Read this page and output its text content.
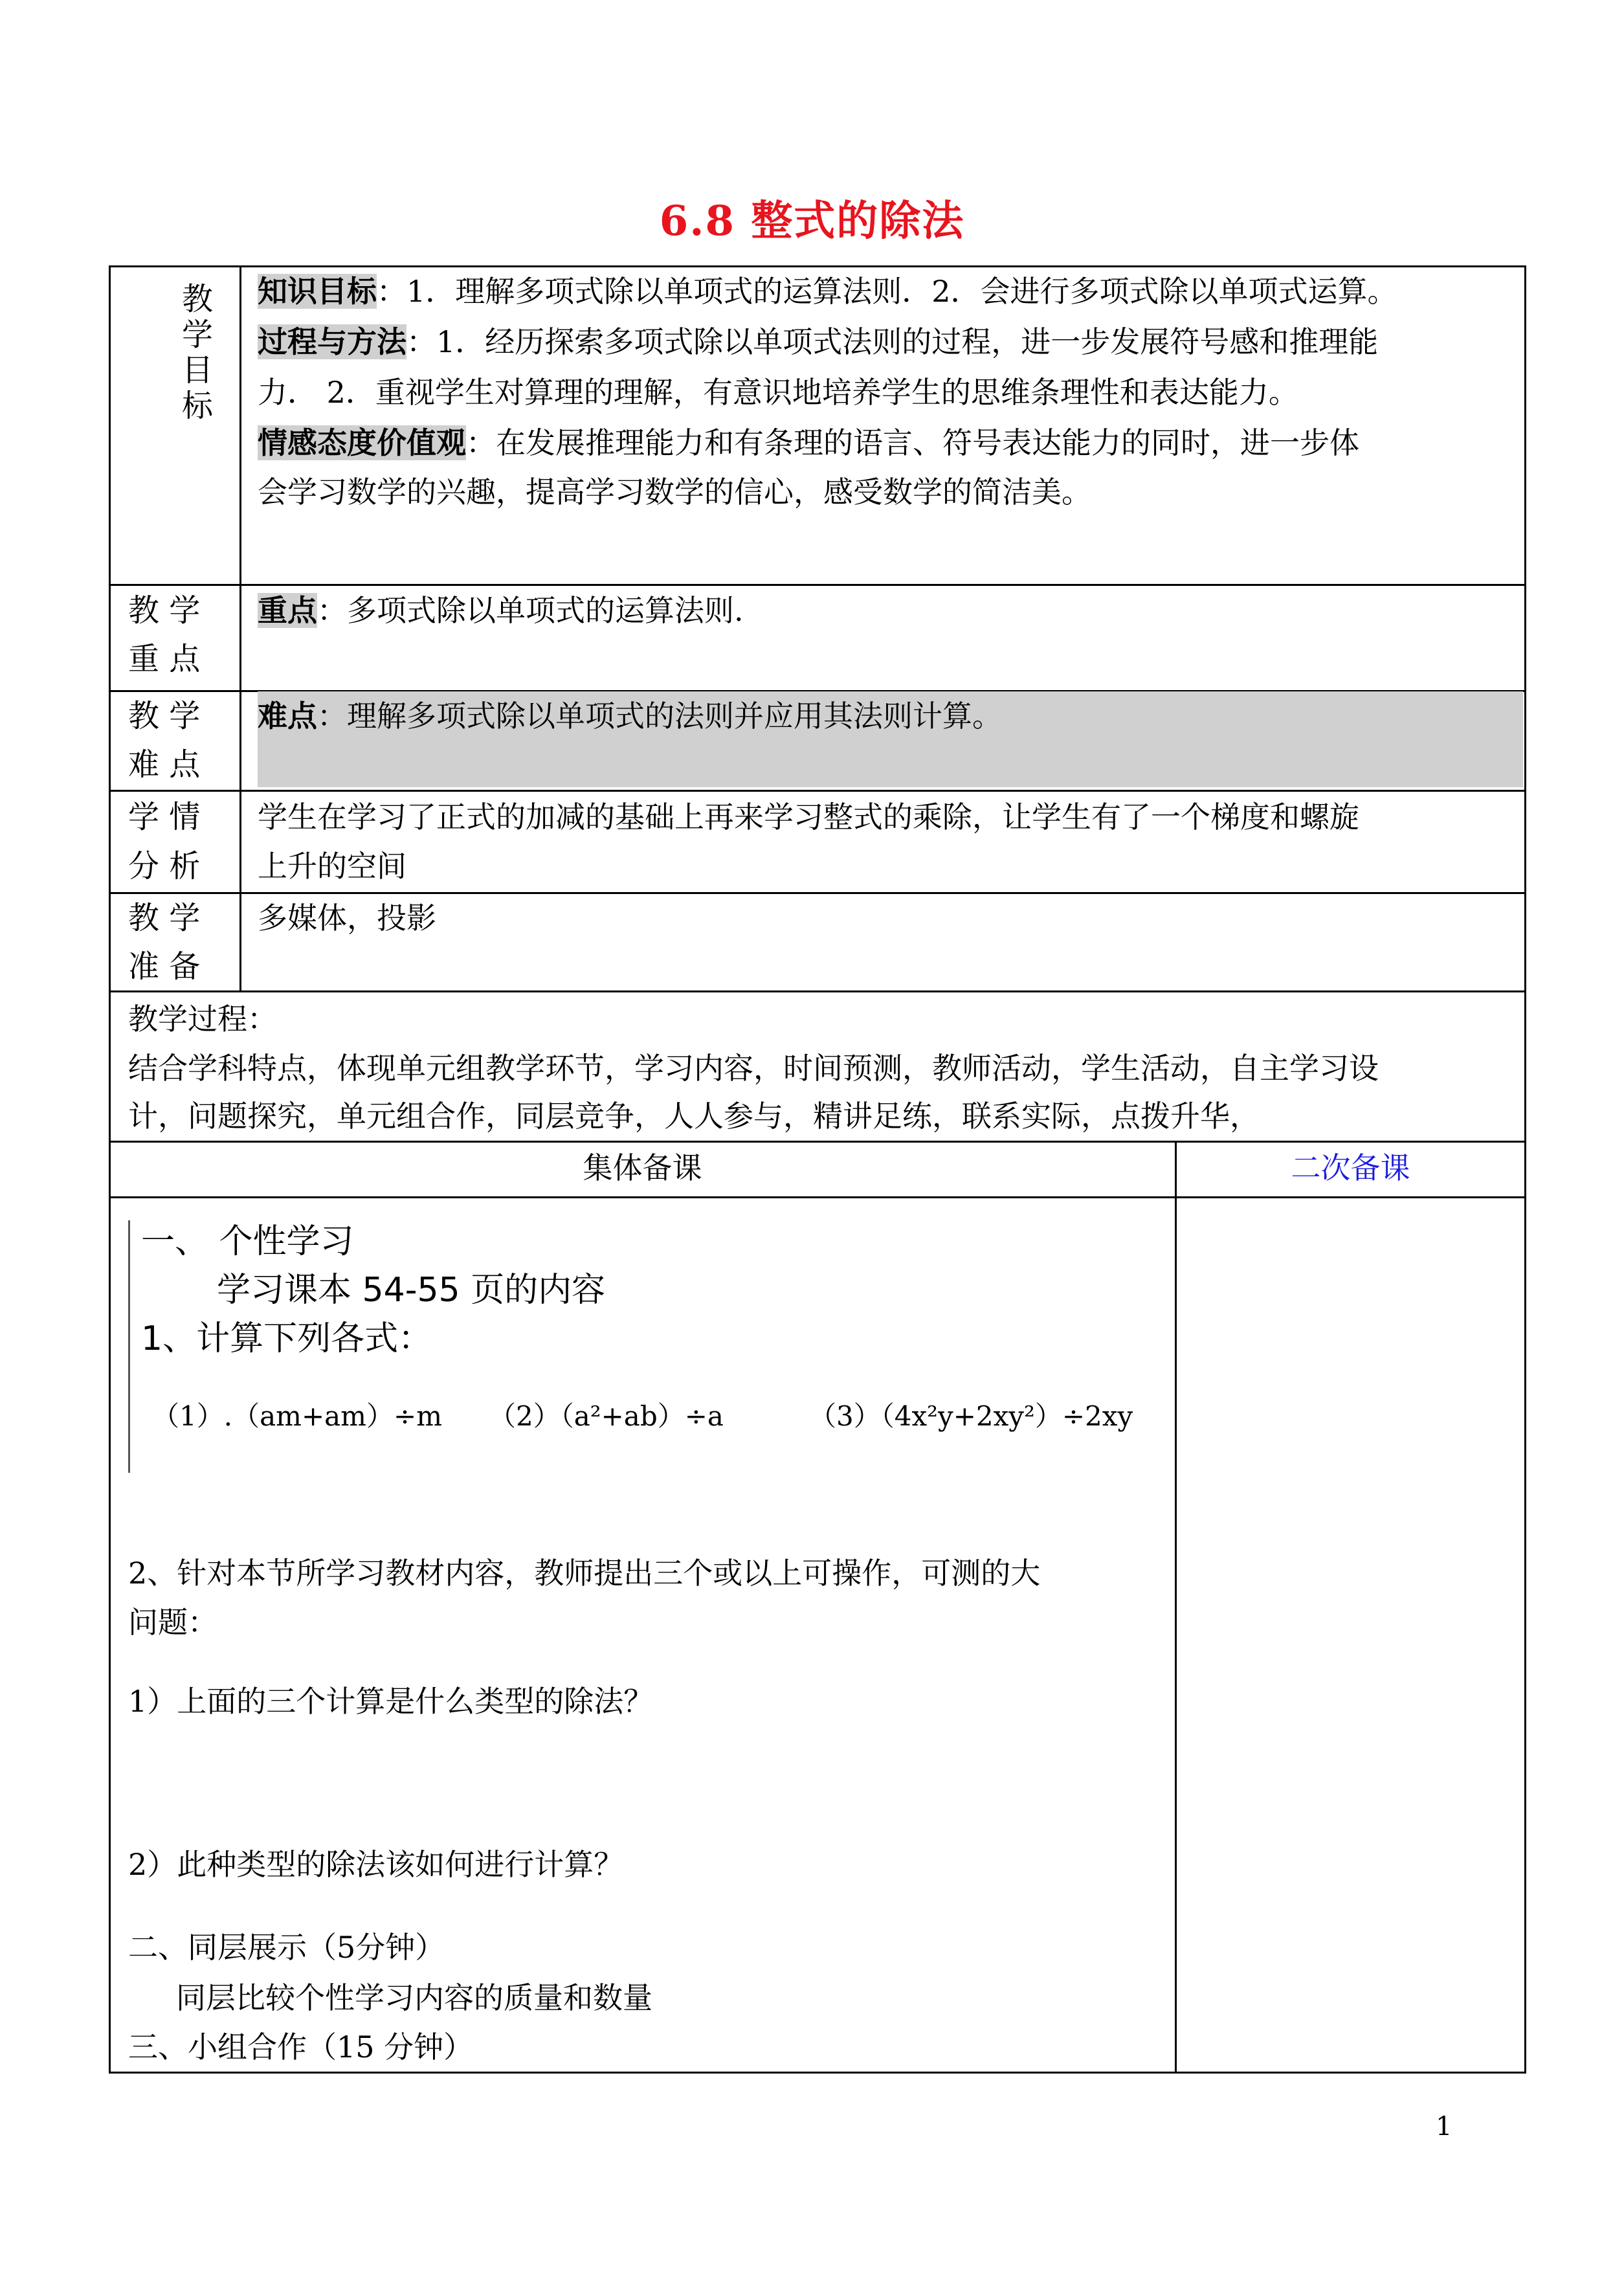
6.8 整式的除法
教学目标
知识目标：1．理解多项式除以单项式的运算法则．2．会进行多项式除以单项式运算。
过程与方法：1．经历探索多项式除以单项式法则的过程，进一步发展符号感和推理能
力． 2．重视学生对算理的理解，有意识地培养学生的思维条理性和表达能力。
情感态度价值观：在发展推理能力和有条理的语言、符号表达能力的同时，进一步体
会学习数学的兴趣，提高学习数学的信心，感受数学的简洁美。
教 学
重 点
重点：多项式除以单项式的运算法则.
教 学
难 点
难点：理解多项式除以单项式的法则并应用其法则计算。
学 情
分 析
学生在学习了正式的加减的基础上再来学习整式的乘除，让学生有了一个梯度和螺旋
上升的空间
教 学
准 备
多媒体，投影
教学过程：
结合学科特点，体现单元组教学环节，学习内容，时间预测，教师活动，学生活动，自主学习设
计，问题探究，单元组合作，同层竞争，人人参与，精讲足练，联系实际，点拨升华，
集体备课	二次备课
一、 个性学习
学习课本 54-55 页的内容
1、计算下列各式：
（1）.（am+am）÷m （2）（a²+ab）÷a	（3）（4x²y+2xy²）÷2xy
2、针对本节所学习教材内容，教师提出三个或以上可操作，可测的大
问题：
1）上面的三个计算是什么类型的除法？
2）此种类型的除法该如何进行计算？
二、同层展示（5分钟）
同层比较个性学习内容的质量和数量
三、小组合作（15 分钟）
1
